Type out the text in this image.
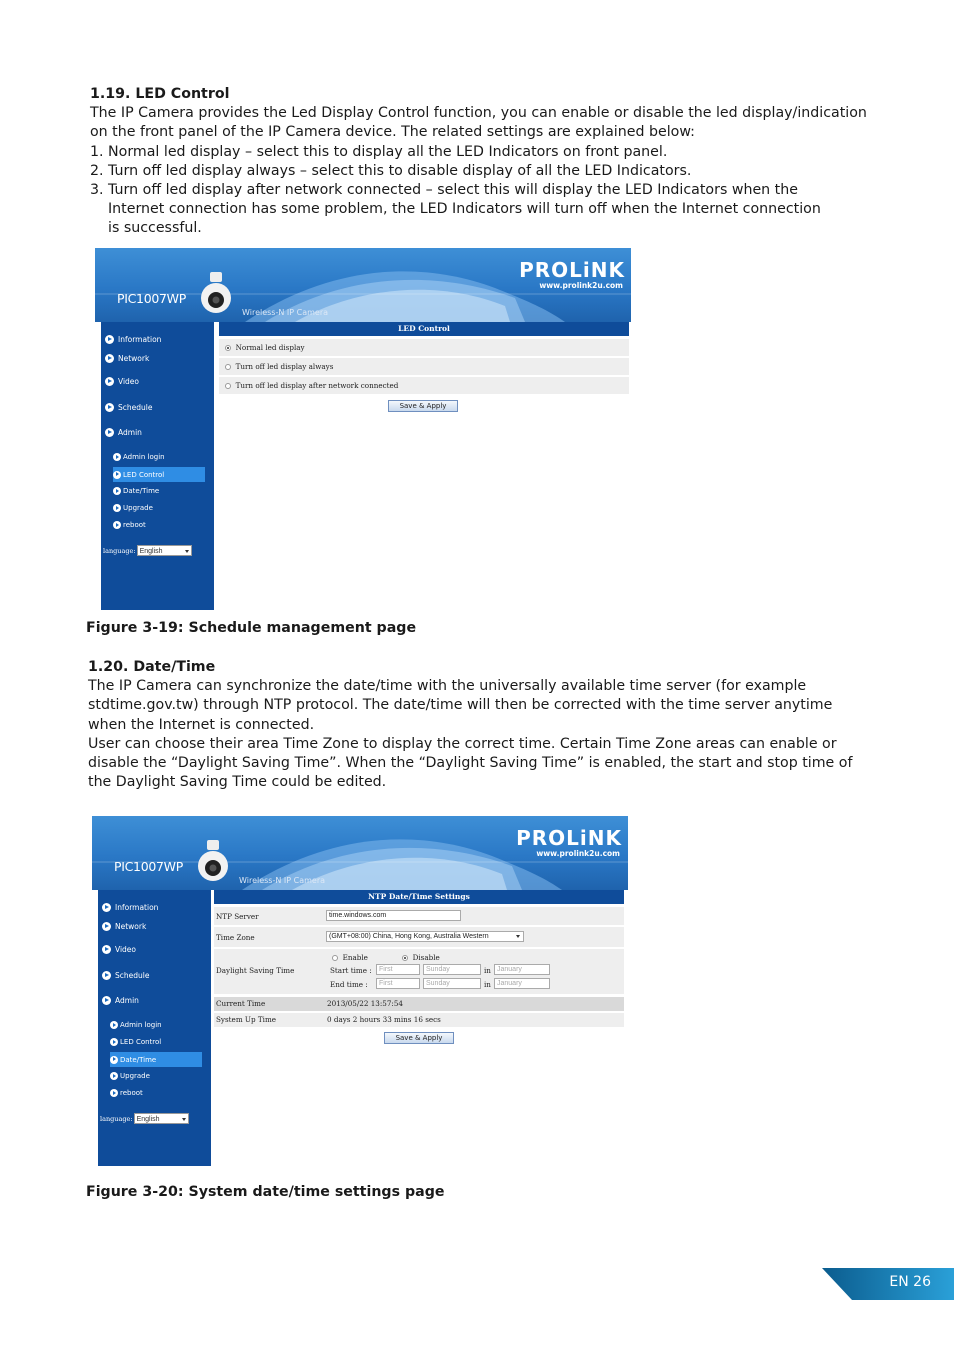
1.19. LED Control

The IP Camera provides the Led Display Control function, you can enable or disable the led display/indication

on the front panel of the IP Camera device. The related settings are explained below:

1. Normal led display – select this to display all the LED Indicators on front panel.

2. Turn off led display always – select this to disable display of all the LED Indicators.

3. Turn off led display after network connected – select this will display the LED Indicators when the

Internet connection has some problem, the LED Indicators will turn off when the Internet connection

is successful.

PIC1007WP
Wireless-N IP Camera
PROLiNK
www.prolink2u.com
Information
Network
Video
Schedule
Admin
Admin login
LED Control
Date/Time
Upgrade
reboot
language: English
LED Control
Normal led display
Turn off led display always
Turn off led display after network connected
Save & Apply
Figure 3-19: Schedule management page

1.20. Date/Time

The IP Camera can synchronize the date/time with the universally available time server (for example

stdtime.gov.tw) through NTP protocol. The date/time will then be corrected with the time server anytime

when the Internet is connected.

User can choose their area Time Zone to display the correct time. Certain Time Zone areas can enable or

disable the “Daylight Saving Time”. When the “Daylight Saving Time” is enabled, the start and stop time of

the Daylight Saving Time could be edited.

PIC1007WP
Wireless-N IP Camera
PROLiNK
www.prolink2u.com
Information
Network
Video
Schedule
Admin
Admin login
LED Control
Date/Time
Upgrade
reboot
language: English
NTP Date/Time Settings
NTP Server	time.windows.com
Time Zone	(GMT+08:00) China, Hong Kong, Australia Western
Daylight Saving Time
Enable	Disable
Start time :	First	Sunday	in January
End time :	First	Sunday	in January
Current Time	2013/05/22 13:57:54
System Up Time	0 days 2 hours 33 mins 16 secs
Save & Apply
Figure 3-20: System date/time settings page
EN 26
